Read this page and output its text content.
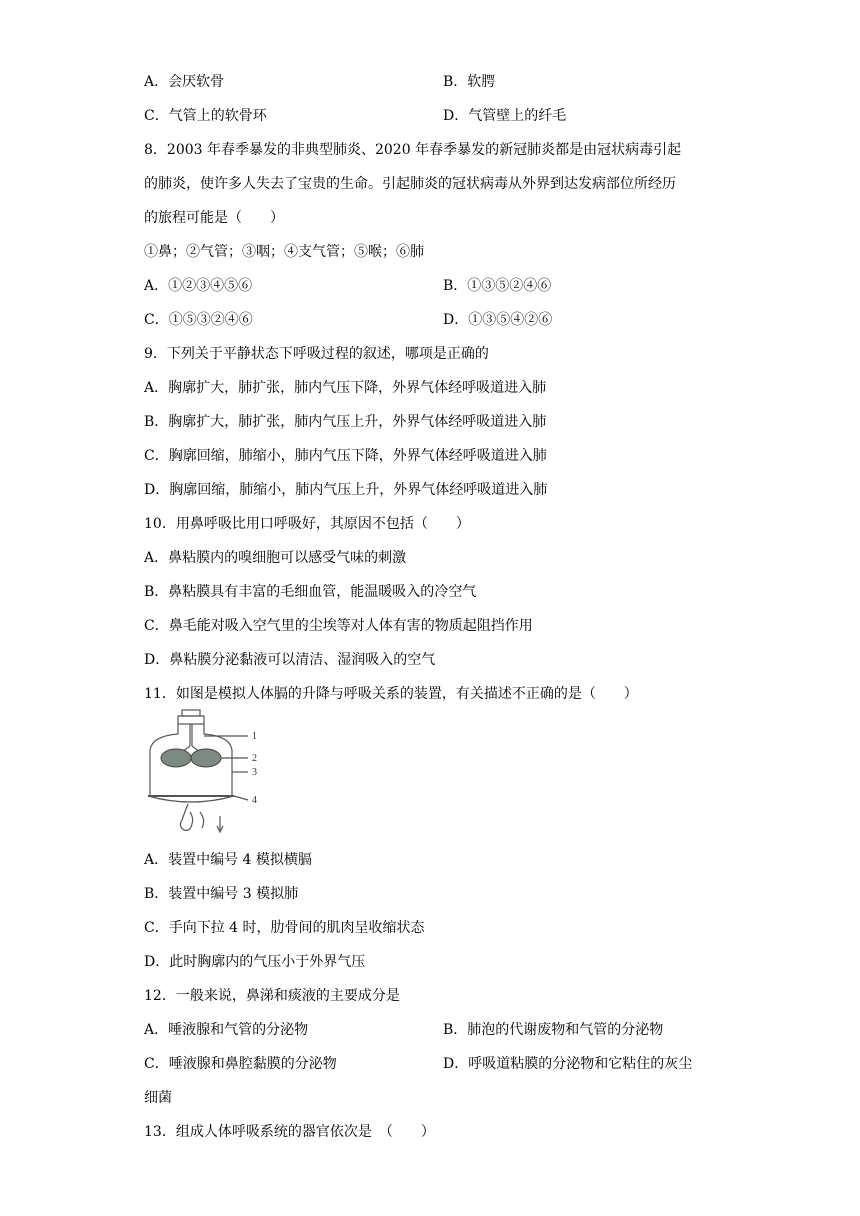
A．会厌软骨	B．软腭
C．气管上的软骨环	D．气管壁上的纤毛
8．2003 年春季暴发的非典型肺炎、2020 年春季暴发的新冠肺炎都是由冠状病毒引起
的肺炎，使许多人失去了宝贵的生命。引起肺炎的冠状病毒从外界到达发病部位所经历
的旅程可能是（　　）
①鼻；②气管；③咽；④支气管；⑤喉；⑥肺
A．①②③④⑤⑥	B．①③⑤②④⑥
C．①⑤③②④⑥	D．①③⑤④②⑥
9．下列关于平静状态下呼吸过程的叙述，哪项是正确的
A．胸廓扩大，肺扩张，肺内气压下降，外界气体经呼吸道进入肺
B．胸廓扩大，肺扩张，肺内气压上升，外界气体经呼吸道进入肺
C．胸廓回缩，肺缩小，肺内气压下降，外界气体经呼吸道进入肺
D．胸廓回缩，肺缩小，肺内气压上升，外界气体经呼吸道进入肺
10．用鼻呼吸比用口呼吸好，其原因不包括（　　）
A．鼻粘膜内的嗅细胞可以感受气味的刺激
B．鼻粘膜具有丰富的毛细血管，能温暖吸入的冷空气
C．鼻毛能对吸入空气里的尘埃等对人体有害的物质起阻挡作用
D．鼻粘膜分泌黏液可以清洁、湿润吸入的空气
11．如图是模拟人体膈的升降与呼吸关系的装置，有关描述不正确的是（　　）
1
2
3
4
A．装置中编号 4 模拟横膈
B．装置中编号 3 模拟肺
C．手向下拉 4 时，肋骨间的肌肉呈收缩状态
D．此时胸廓内的气压小于外界气压
12．一般来说，鼻涕和痰液的主要成分是
A．唾液腺和气管的分泌物	B．肺泡的代谢废物和气管的分泌物
C．唾液腺和鼻腔黏膜的分泌物	D．呼吸道粘膜的分泌物和它粘住的灰尘
细菌
13．组成人体呼吸系统的器官依次是　（　　）
